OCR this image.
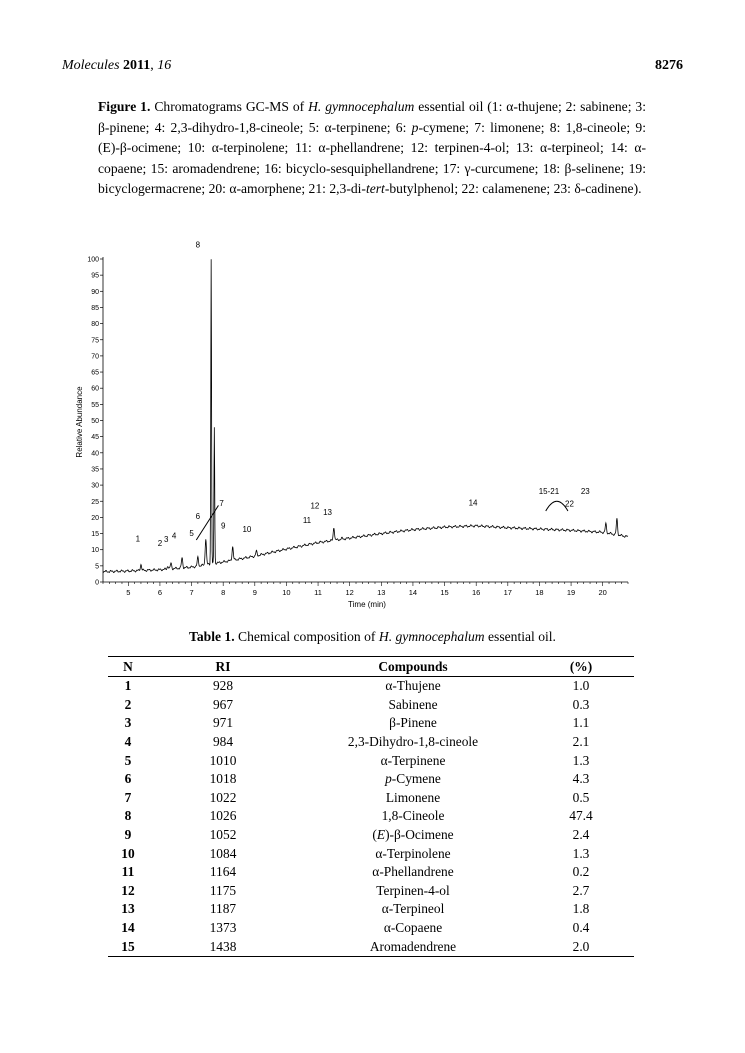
Molecules 2011, 16	8276
Figure 1. Chromatograms GC-MS of H. gymnocephalum essential oil (1: α-thujene; 2: sabinene; 3: β-pinene; 4: 2,3-dihydro-1,8-cineole; 5: α-terpinene; 6: p-cymene; 7: limonene; 8: 1,8-cineole; 9: (E)-β-ocimene; 10: α-terpinolene; 11: α-phellandrene; 12: terpinen-4-ol; 13: α-terpineol; 14: α-copaene; 15: aromadendrene; 16: bicyclo-sesquiphellandrene; 17: γ-curcumene; 18: β-selinene; 19: bicyclogermacrene; 20: α-amorphene; 21: 2,3-di-tert-butylphenol; 22: calamenene; 23: δ-cadinene).
0
5
10
15
20
25
30
35
40
45
50
55
60
65
70
75
80
85
90
95
100
5	6	7	8	9	10	11	12	13	14	15	16	17	18	19	20
1 2 3 4 5
6
7
8
9 10
11
12
13
14
15-21	23
22
Time (min)
Relative Abundance
Table 1. Chemical composition of H. gymnocephalum essential oil.
N	RI	Compounds	(%)
1	928	α-Thujene	1.0
2	967	Sabinene	0.3
3	971	β-Pinene	1.1
4	984	2,3-Dihydro-1,8-cineole	2.1
5	1010	α-Terpinene	1.3
6	1018	p-Cymene	4.3
7	1022	Limonene	0.5
8	1026	1,8-Cineole	47.4
9	1052	(E)-β-Ocimene	2.4
10	1084	α-Terpinolene	1.3
11	1164	α-Phellandrene	0.2
12	1175	Terpinen-4-ol	2.7
13	1187	α-Terpineol	1.8
14	1373	α-Copaene	0.4
15	1438	Aromadendrene	2.0
